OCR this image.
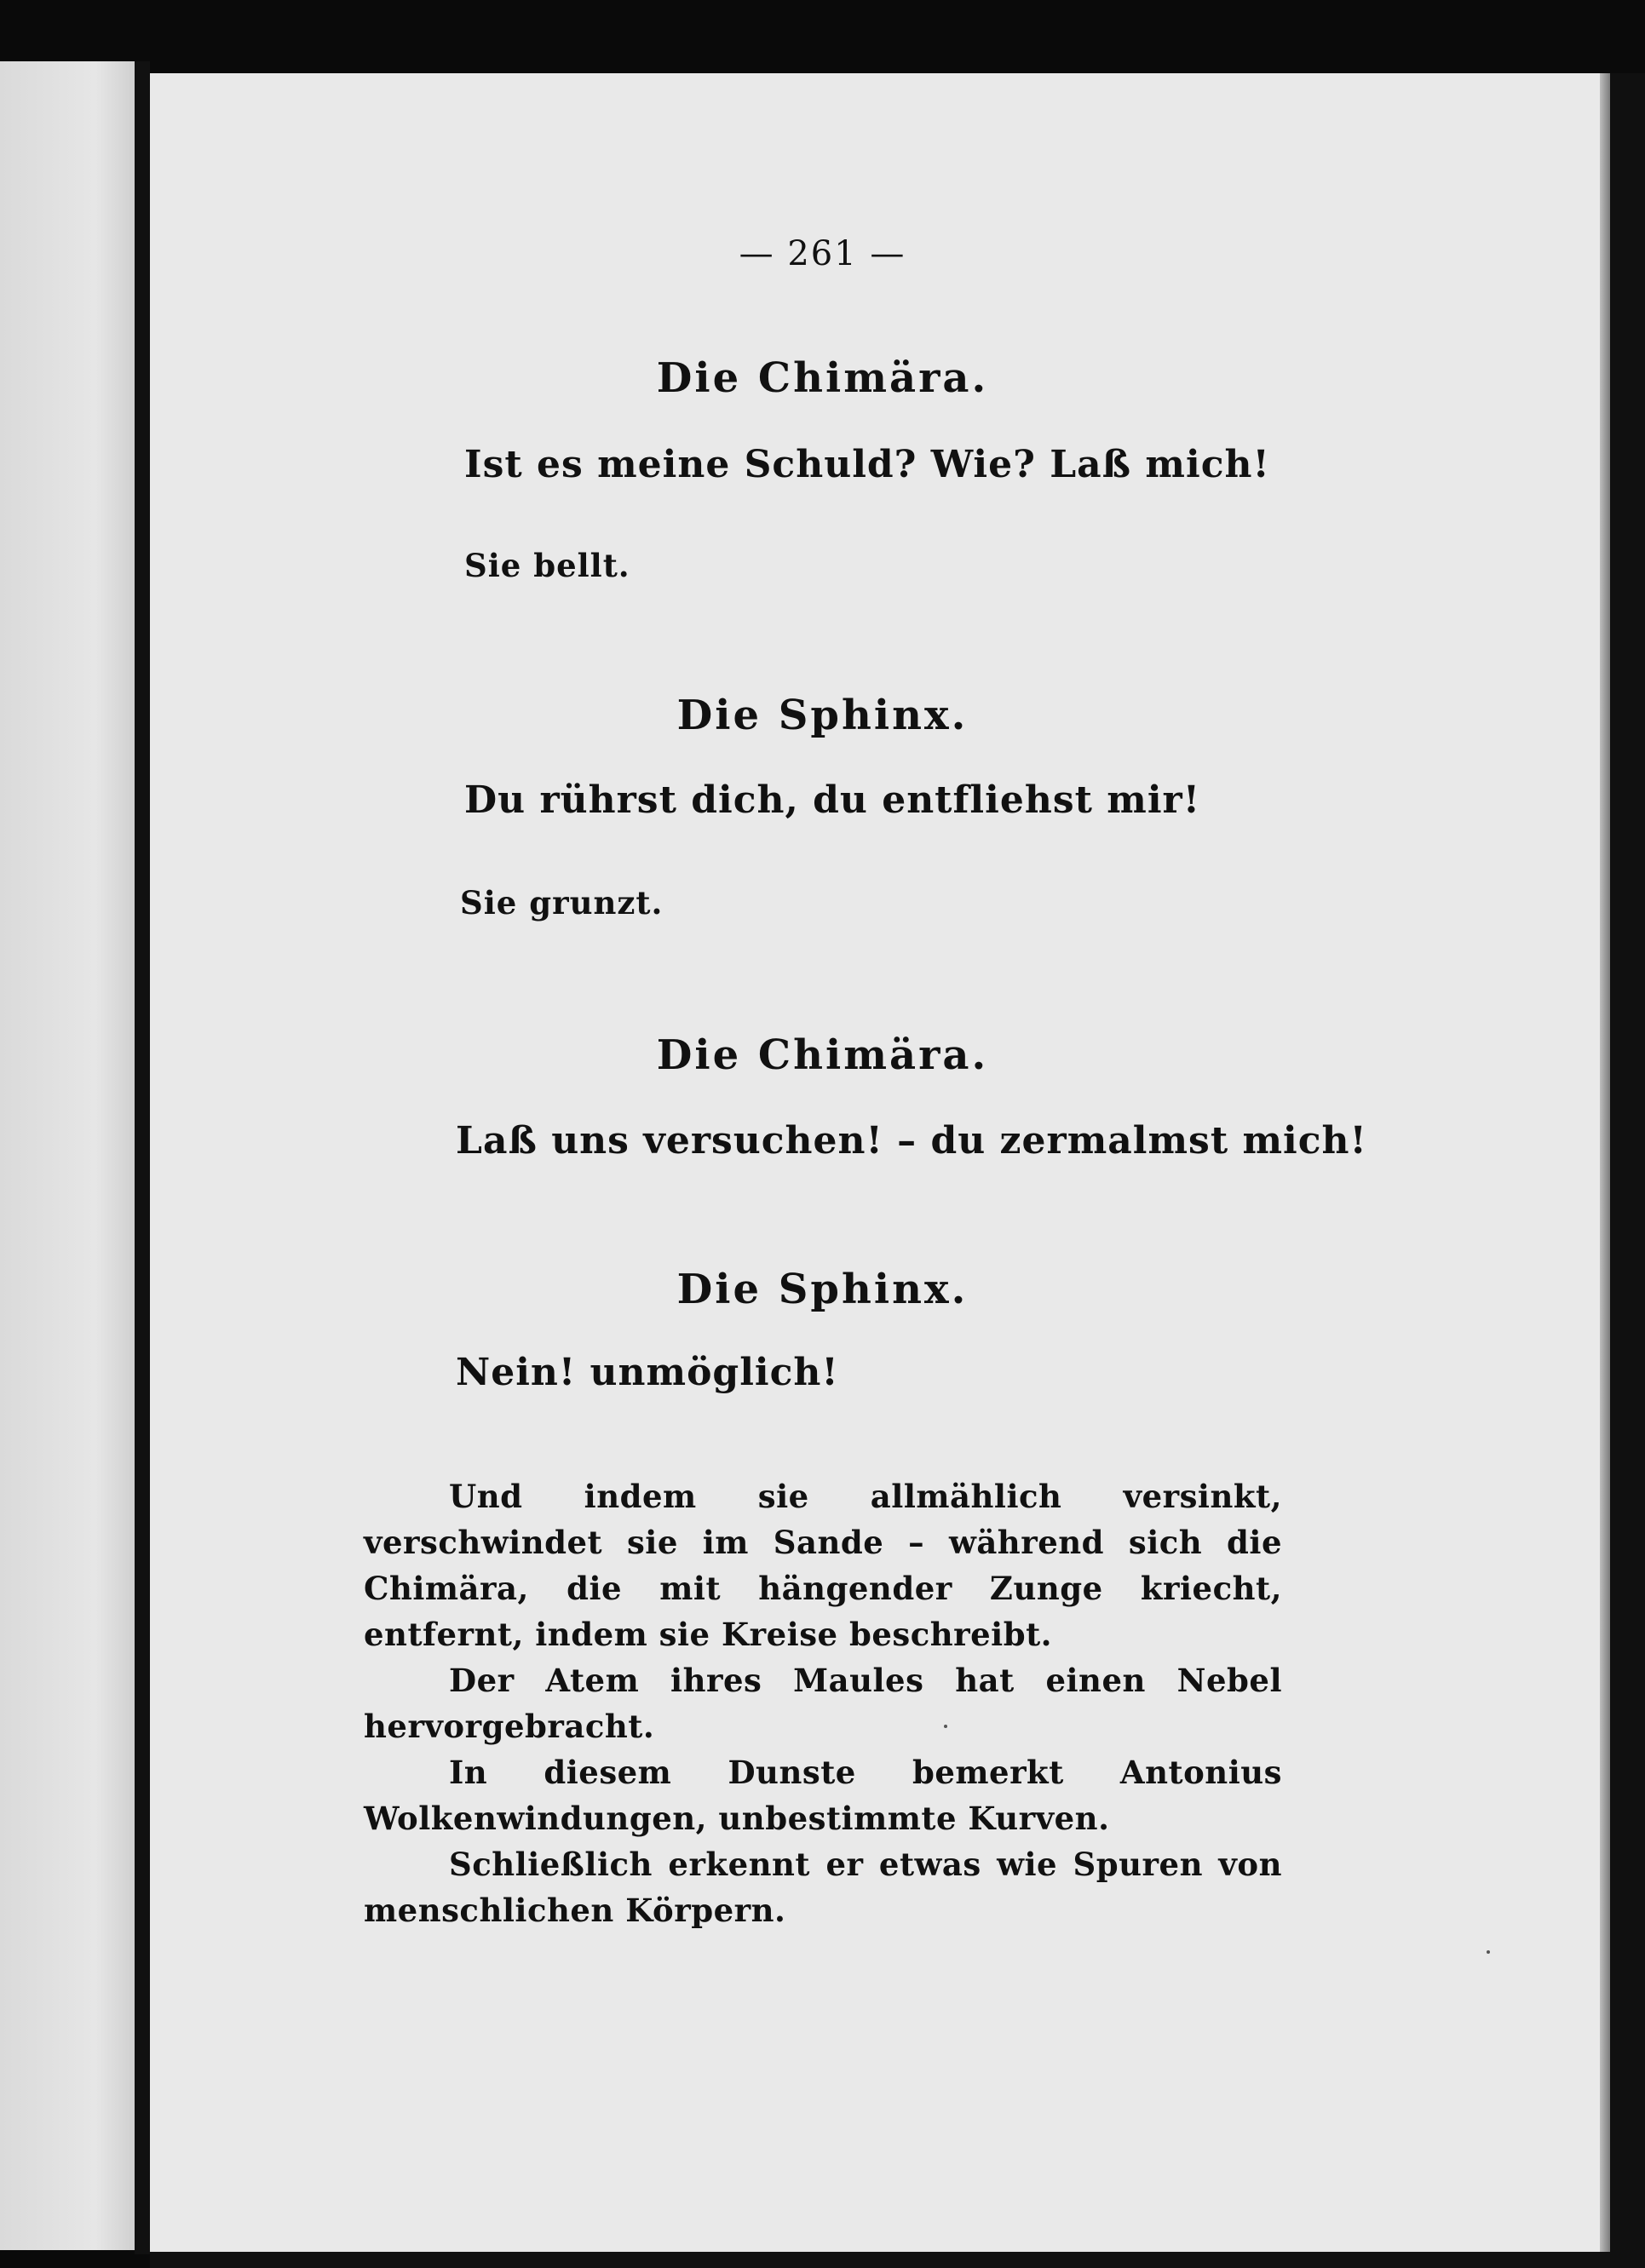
— 261 —
Die Chimära.
Ist es meine Schuld? Wie? Laß mich!
Sie bellt.
Die Sphinx.
Du rührst dich, du entfliehst mir!
Sie grunzt.
Die Chimära.
Laß uns versuchen! – du zermalmst mich!
Die Sphinx.
Nein! unmöglich!

Und indem sie allmählich versinkt, verschwindet sie im Sande – während sich die Chimära, die mit hängender Zunge kriecht, entfernt, indem sie Kreise beschreibt.

Der Atem ihres Maules hat einen Nebel hervorgebracht.

In diesem Dunste bemerkt Antonius Wolkenwindungen, unbestimmte Kurven.

Schließlich erkennt er etwas wie Spuren von menschlichen Körpern.
